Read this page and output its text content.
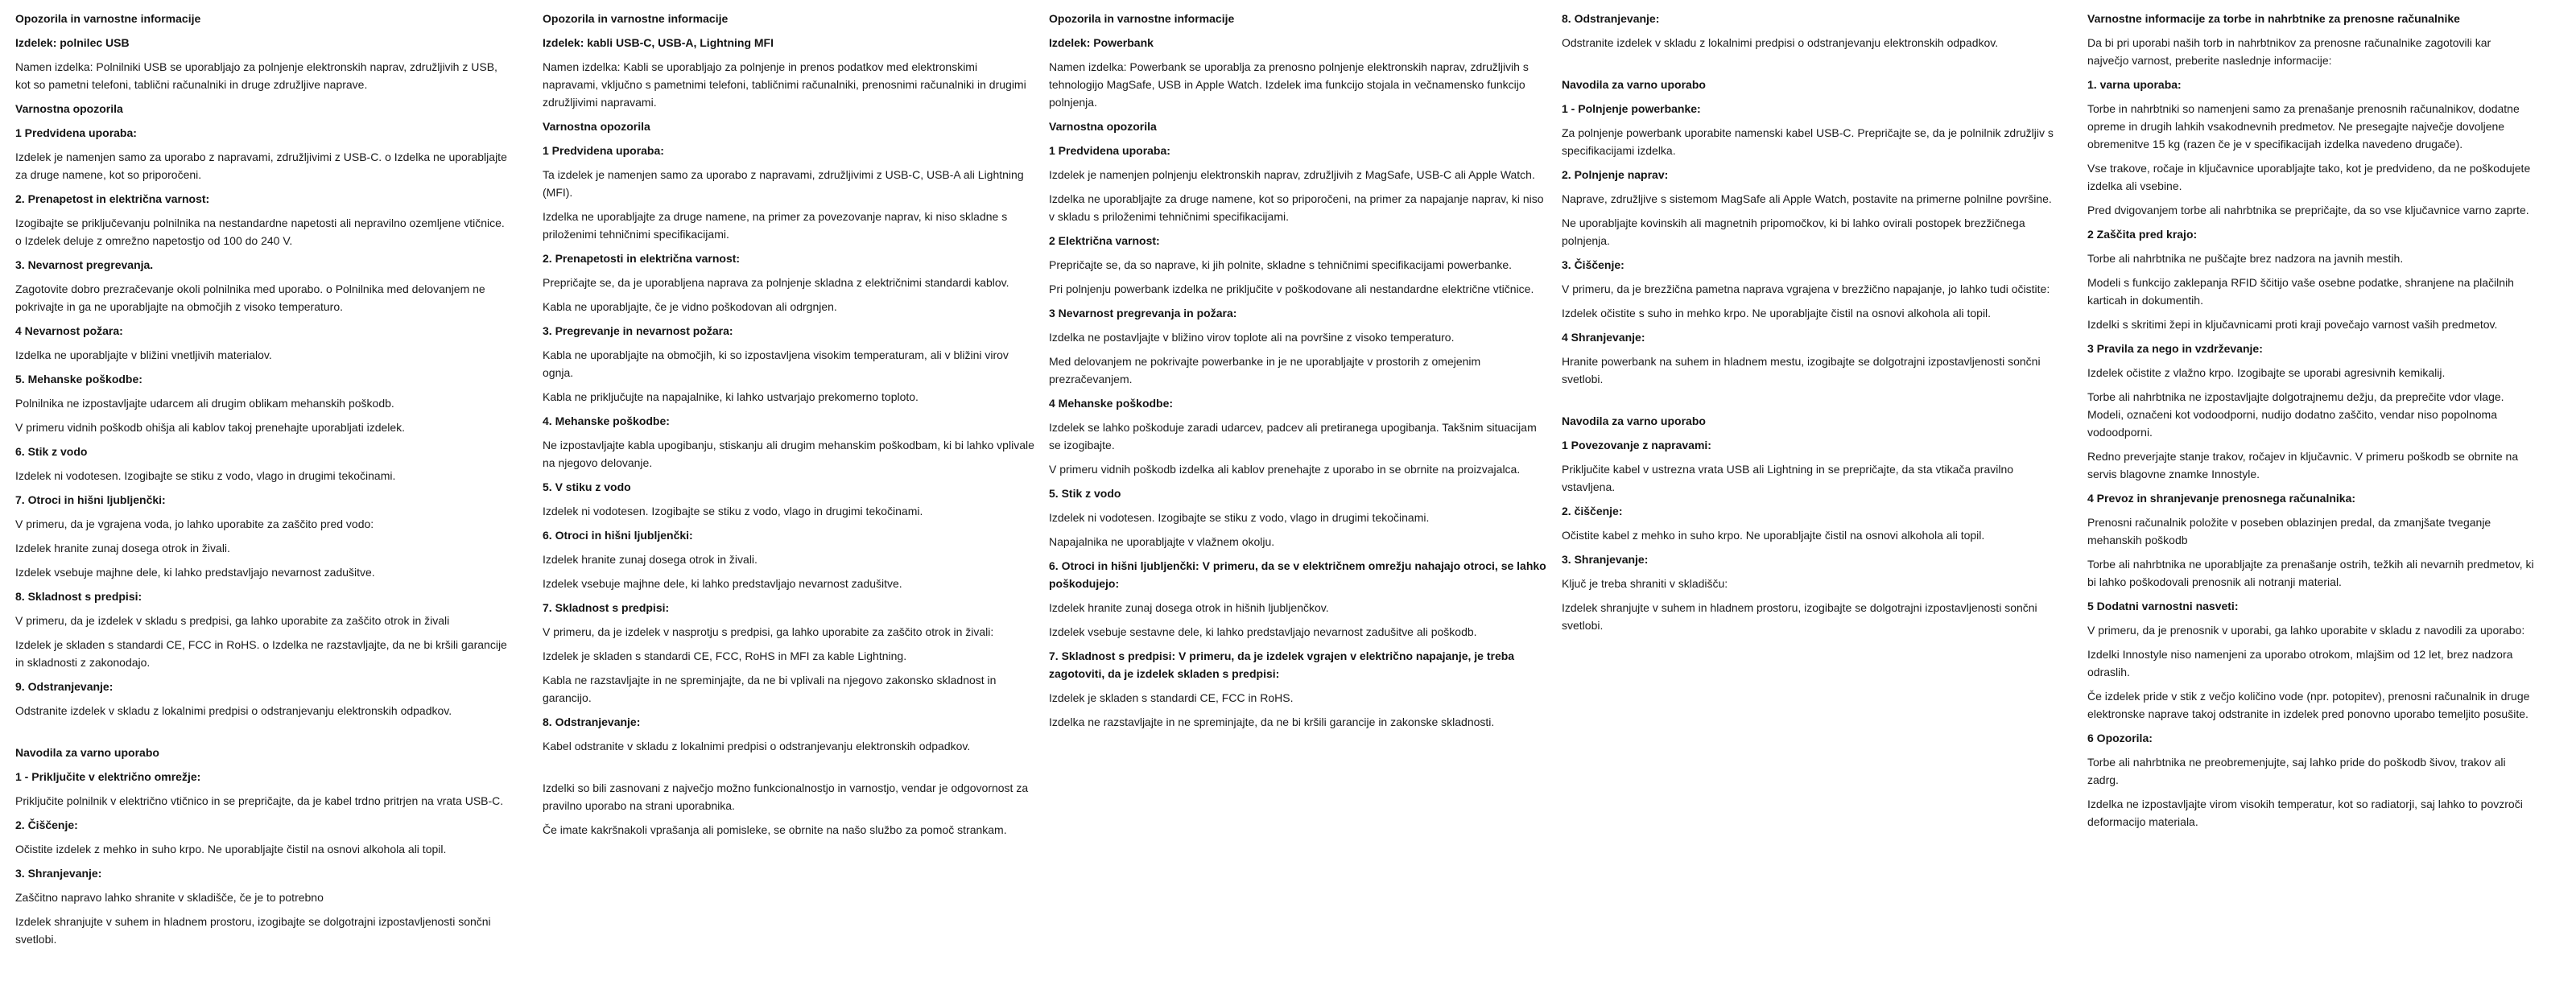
Opozorila in varnostne informacije

Izdelek: polnilec USB

Namen izdelka: Polnilniki USB se uporabljajo za polnjenje elektronskih naprav, združljivih z USB, kot so pametni telefoni, tablični računalniki in druge združljive naprave.

Varnostna opozorila

1 Predvidena uporaba:

Izdelek je namenjen samo za uporabo z napravami, združljivimi z USB-C. o Izdelka ne uporabljajte za druge namene, kot so priporočeni.

2. Prenapetost in električna varnost:

Izogibajte se priključevanju polnilnika na nestandardne napetosti ali nepravilno ozemljene vtičnice. o Izdelek deluje z omrežno napetostjo od 100 do 240 V.

3. Nevarnost pregrevanja.

Zagotovite dobro prezračevanje okoli polnilnika med uporabo. o Polnilnika med delovanjem ne pokrivajte in ga ne uporabljajte na območjih z visoko temperaturo.

4 Nevarnost požara:

Izdelka ne uporabljajte v bližini vnetljivih materialov.

5. Mehanske poškodbe:

Polnilnika ne izpostavljajte udarcem ali drugim oblikam mehanskih poškodb.

V primeru vidnih poškodb ohišja ali kablov takoj prenehajte uporabljati izdelek.

6. Stik z vodo

Izdelek ni vodotesen. Izogibajte se stiku z vodo, vlago in drugimi tekočinami.

7. Otroci in hišni ljubljenčki:

V primeru, da je vgrajena voda, jo lahko uporabite za zaščito pred vodo:

Izdelek hranite zunaj dosega otrok in živali.

Izdelek vsebuje majhne dele, ki lahko predstavljajo nevarnost zadušitve.

8. Skladnost s predpisi:

V primeru, da je izdelek v skladu s predpisi, ga lahko uporabite za zaščito otrok in živali

Izdelek je skladen s standardi CE, FCC in RoHS. o Izdelka ne razstavljajte, da ne bi kršili garancije in skladnosti z zakonodajo.

9. Odstranjevanje:

Odstranite izdelek v skladu z lokalnimi predpisi o odstranjevanju elektronskih odpadkov.

Navodila za varno uporabo

1 - Priključite v električno omrežje:

Priključite polnilnik v električno vtičnico in se prepričajte, da je kabel trdno pritrjen na vrata USB-C.

2. Čiščenje:

Očistite izdelek z mehko in suho krpo. Ne uporabljajte čistil na osnovi alkohola ali topil.

3. Shranjevanje:

Zaščitno napravo lahko shranite v skladišče, če je to potrebno

Izdelek shranjujte v suhem in hladnem prostoru, izogibajte se dolgotrajni izpostavljenosti sončni svetlobi.

Opozorila in varnostne informacije

Izdelek: kabli USB-C, USB-A, Lightning MFI

Namen izdelka: Kabli se uporabljajo za polnjenje in prenos podatkov med elektronskimi napravami, vključno s pametnimi telefoni, tabličnimi računalniki, prenosnimi računalniki in drugimi združljivimi napravami.

Varnostna opozorila

1 Predvidena uporaba:

Ta izdelek je namenjen samo za uporabo z napravami, združljivimi z USB-C, USB-A ali Lightning (MFI).

Izdelka ne uporabljajte za druge namene, na primer za povezovanje naprav, ki niso skladne s priloženimi tehničnimi specifikacijami.

2. Prenapetosti in električna varnost:

Prepričajte se, da je uporabljena naprava za polnjenje skladna z električnimi standardi kablov.

Kabla ne uporabljajte, če je vidno poškodovan ali odrgnjen.

3. Pregrevanje in nevarnost požara:

Kabla ne uporabljajte na območjih, ki so izpostavljena visokim temperaturam, ali v bližini virov ognja.

Kabla ne priključujte na napajalnike, ki lahko ustvarjajo prekomerno toploto.

4. Mehanske poškodbe:

Ne izpostavljajte kabla upogibanju, stiskanju ali drugim mehanskim poškodbam, ki bi lahko vplivale na njegovo delovanje.

5. V stiku z vodo

Izdelek ni vodotesen. Izogibajte se stiku z vodo, vlago in drugimi tekočinami.

6. Otroci in hišni ljubljenčki:

Izdelek hranite zunaj dosega otrok in živali.

Izdelek vsebuje majhne dele, ki lahko predstavljajo nevarnost zadušitve.

7. Skladnost s predpisi:

V primeru, da je izdelek v nasprotju s predpisi, ga lahko uporabite za zaščito otrok in živali:

Izdelek je skladen s standardi CE, FCC, RoHS in MFI za kable Lightning.

Kabla ne razstavljajte in ne spreminjajte, da ne bi vplivali na njegovo zakonsko skladnost in garancijo.

8. Odstranjevanje:

Kabel odstranite v skladu z lokalnimi predpisi o odstranjevanju elektronskih odpadkov.

Izdelki so bili zasnovani z največjo možno funkcionalnostjo in varnostjo, vendar je odgovornost za pravilno uporabo na strani uporabnika.

Če imate kakršnakoli vprašanja ali pomisleke, se obrnite na našo službo za pomoč strankam.

Opozorila in varnostne informacije

Izdelek: Powerbank

Namen izdelka: Powerbank se uporablja za prenosno polnjenje elektronskih naprav, združljivih s tehnologijo MagSafe, USB in Apple Watch. Izdelek ima funkcijo stojala in večnamensko funkcijo polnjenja.

Varnostna opozorila

1 Predvidena uporaba:

Izdelek je namenjen polnjenju elektronskih naprav, združljivih z MagSafe, USB-C ali Apple Watch.

Izdelka ne uporabljajte za druge namene, kot so priporočeni, na primer za napajanje naprav, ki niso v skladu s priloženimi tehničnimi specifikacijami.

2 Električna varnost:

Prepričajte se, da so naprave, ki jih polnite, skladne s tehničnimi specifikacijami powerbanke.

Pri polnjenju powerbank izdelka ne priključite v poškodovane ali nestandardne električne vtičnice.

3 Nevarnost pregrevanja in požara:

Izdelka ne postavljajte v bližino virov toplote ali na površine z visoko temperaturo.

Med delovanjem ne pokrivajte powerbanke in je ne uporabljajte v prostorih z omejenim prezračevanjem.

4 Mehanske poškodbe:

Izdelek se lahko poškoduje zaradi udarcev, padcev ali pretiranega upogibanja. Takšnim situacijam se izogibajte.

V primeru vidnih poškodb izdelka ali kablov prenehajte z uporabo in se obrnite na proizvajalca.

5. Stik z vodo

Izdelek ni vodotesen. Izogibajte se stiku z vodo, vlago in drugimi tekočinami.

Napajalnika ne uporabljajte v vlažnem okolju.

6. Otroci in hišni ljubljenčki: V primeru, da se v električnem omrežju nahajajo otroci, se lahko poškodujejo:

Izdelek hranite zunaj dosega otrok in hišnih ljubljenčkov.

Izdelek vsebuje sestavne dele, ki lahko predstavljajo nevarnost zadušitve ali poškodb.

7. Skladnost s predpisi: V primeru, da je izdelek vgrajen v električno napajanje, je treba zagotoviti, da je izdelek skladen s predpisi:

Izdelek je skladen s standardi CE, FCC in RoHS.

Izdelka ne razstavljajte in ne spreminjajte, da ne bi kršili garancije in zakonske skladnosti.

8. Odstranjevanje:

Odstranite izdelek v skladu z lokalnimi predpisi o odstranjevanju elektronskih odpadkov.

Navodila za varno uporabo

1 - Polnjenje powerbanke:

Za polnjenje powerbank uporabite namenski kabel USB-C. Prepričajte se, da je polnilnik združljiv s specifikacijami izdelka.

2. Polnjenje naprav:

Naprave, združljive s sistemom MagSafe ali Apple Watch, postavite na primerne polnilne površine.

Ne uporabljajte kovinskih ali magnetnih pripomočkov, ki bi lahko ovirali postopek brezžičnega polnjenja.

3. Čiščenje:

V primeru, da je brezžična pametna naprava vgrajena v brezžično napajanje, jo lahko tudi očistite:

Izdelek očistite s suho in mehko krpo. Ne uporabljajte čistil na osnovi alkohola ali topil.

4 Shranjevanje:

Hranite powerbank na suhem in hladnem mestu, izogibajte se dolgotrajni izpostavljenosti sončni svetlobi.

Navodila za varno uporabo

1 Povezovanje z napravami:

Priključite kabel v ustrezna vrata USB ali Lightning in se prepričajte, da sta vtikača pravilno vstavljena.

2. čiščenje:

Očistite kabel z mehko in suho krpo. Ne uporabljajte čistil na osnovi alkohola ali topil.

3. Shranjevanje:

Ključ je treba shraniti v skladišču:

Izdelek shranjujte v suhem in hladnem prostoru, izogibajte se dolgotrajni izpostavljenosti sončni svetlobi.

Varnostne informacije za torbe in nahrbtnike za prenosne računalnike

Da bi pri uporabi naših torb in nahrbtnikov za prenosne računalnike zagotovili kar največjo varnost, preberite naslednje informacije:

1. varna uporaba:

Torbe in nahrbtniki so namenjeni samo za prenašanje prenosnih računalnikov, dodatne opreme in drugih lahkih vsakodnevnih predmetov. Ne presegajte največje dovoljene obremenitve 15 kg (razen če je v specifikacijah izdelka navedeno drugače).

Vse trakove, ročaje in ključavnice uporabljajte tako, kot je predvideno, da ne poškodujete izdelka ali vsebine.

Pred dvigovanjem torbe ali nahrbtnika se prepričajte, da so vse ključavnice varno zaprte.

2 Zaščita pred krajo:

Torbe ali nahrbtnika ne puščajte brez nadzora na javnih mestih.

Modeli s funkcijo zaklepanja RFID ščitijo vaše osebne podatke, shranjene na plačilnih karticah in dokumentih.

Izdelki s skritimi žepi in ključavnicami proti kraji povečajo varnost vaših predmetov.

3 Pravila za nego in vzdrževanje:

Izdelek očistite z vlažno krpo. Izogibajte se uporabi agresivnih kemikalij.

Torbe ali nahrbtnika ne izpostavljajte dolgotrajnemu dežju, da preprečite vdor vlage. Modeli, označeni kot vodoodporni, nudijo dodatno zaščito, vendar niso popolnoma vodoodporni.

Redno preverjajte stanje trakov, ročajev in ključavnic. V primeru poškodb se obrnite na servis blagovne znamke Innostyle.

4 Prevoz in shranjevanje prenosnega računalnika:

Prenosni računalnik položite v poseben oblazinjen predal, da zmanjšate tveganje mehanskih poškodb

Torbe ali nahrbtnika ne uporabljajte za prenašanje ostrih, težkih ali nevarnih predmetov, ki bi lahko poškodovali prenosnik ali notranji material.

5 Dodatni varnostni nasveti:

V primeru, da je prenosnik v uporabi, ga lahko uporabite v skladu z navodili za uporabo:

Izdelki Innostyle niso namenjeni za uporabo otrokom, mlajšim od 12 let, brez nadzora odraslih.

Če izdelek pride v stik z večjo količino vode (npr. potopitev), prenosni računalnik in druge elektronske naprave takoj odstranite in izdelek pred ponovno uporabo temeljito posušite.

6 Opozorila:

Torbe ali nahrbtnika ne preobremenjujte, saj lahko pride do poškodb šivov, trakov ali zadrg.

Izdelka ne izpostavljajte virom visokih temperatur, kot so radiatorji, saj lahko to povzroči deformacijo materiala.
